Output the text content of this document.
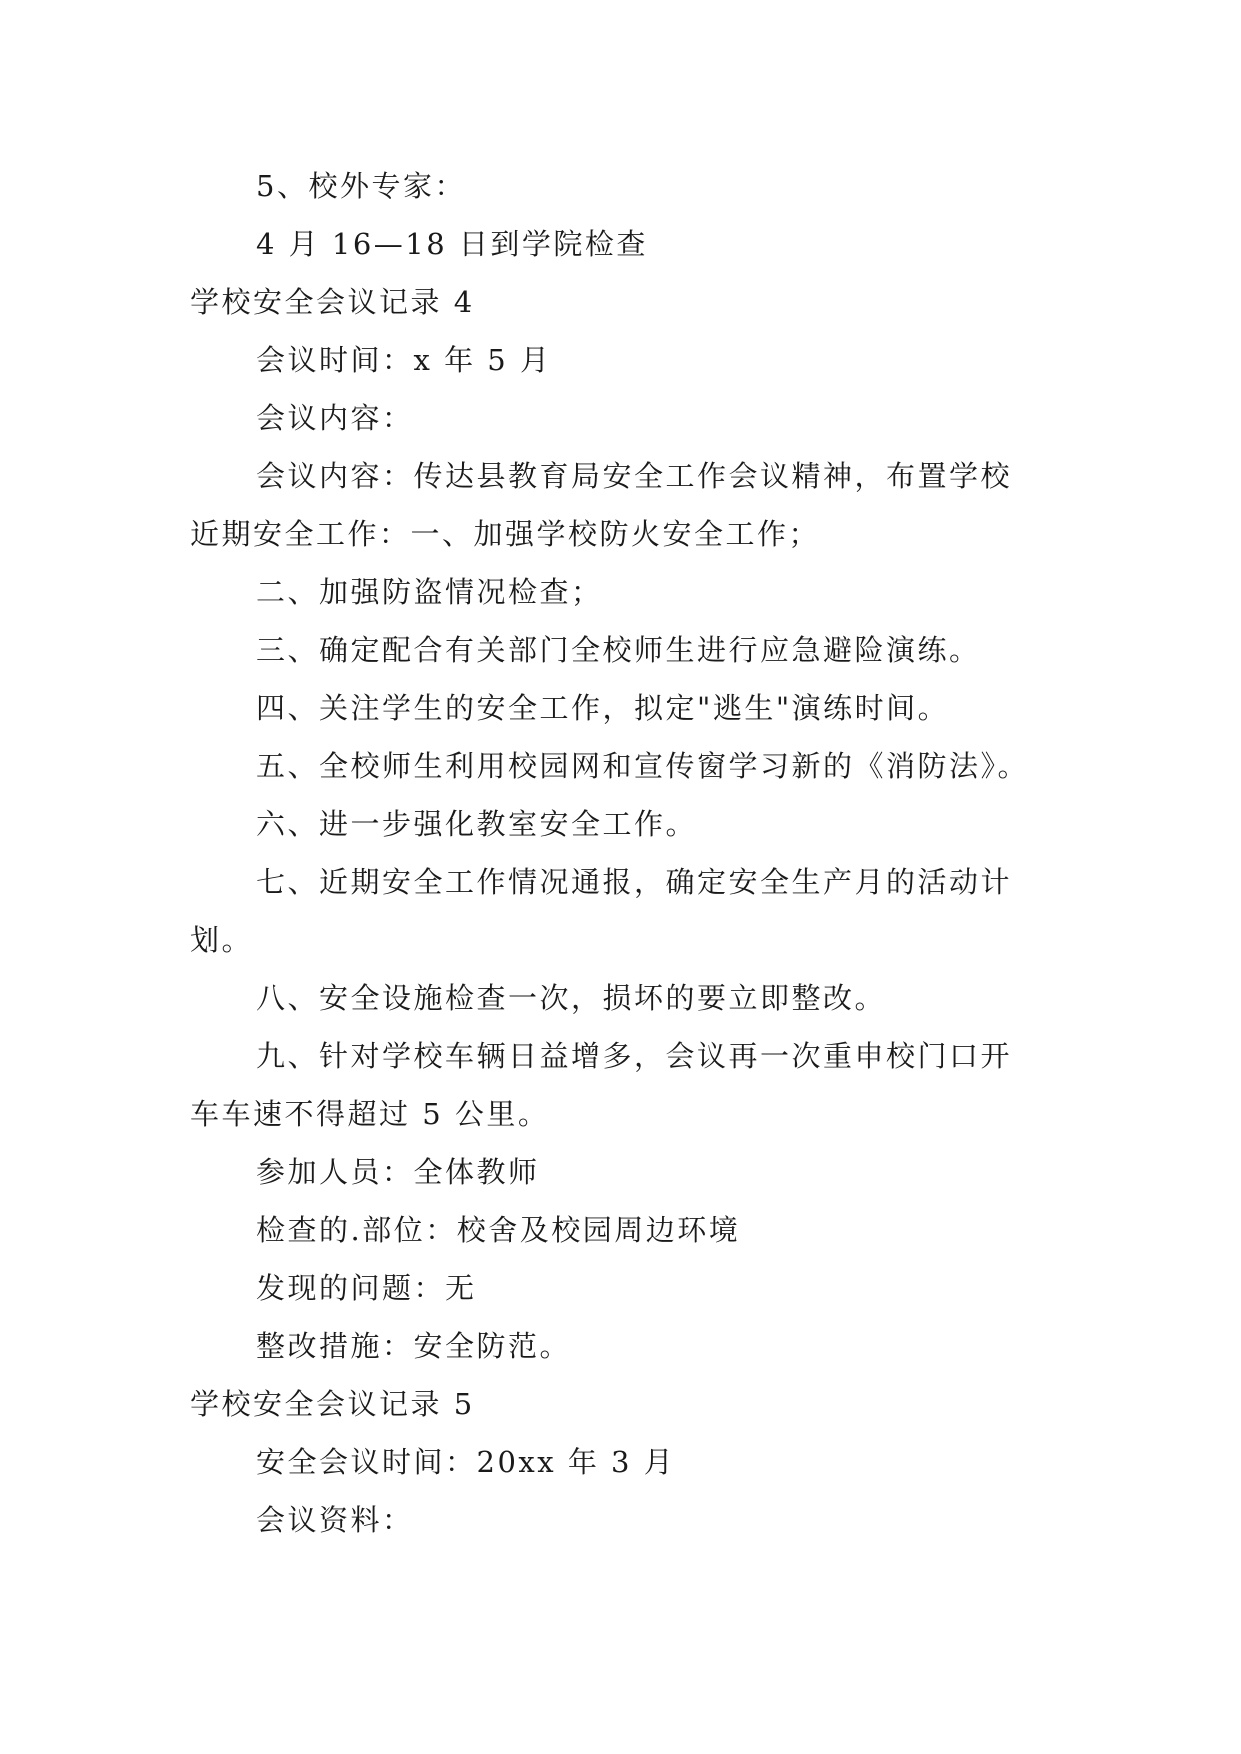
5、校外专家：
4 月 16—18 日到学院检查
学校安全会议记录 4
会议时间：x 年 5 月
会议内容：
会议内容：传达县教育局安全工作会议精神，布置学校
近期安全工作：一、加强学校防火安全工作；
二、加强防盗情况检查；
三、确定配合有关部门全校师生进行应急避险演练。
四、关注学生的安全工作，拟定"逃生"演练时间。
五、全校师生利用校园网和宣传窗学习新的《消防法》。
六、进一步强化教室安全工作。
七、近期安全工作情况通报，确定安全生产月的活动计
划。
八、安全设施检查一次，损坏的要立即整改。
九、针对学校车辆日益增多，会议再一次重申校门口开
车车速不得超过 5 公里。
参加人员：全体教师
检查的.部位：校舍及校园周边环境
发现的问题：无
整改措施：安全防范。
学校安全会议记录 5
安全会议时间：20xx 年 3 月
会议资料：
